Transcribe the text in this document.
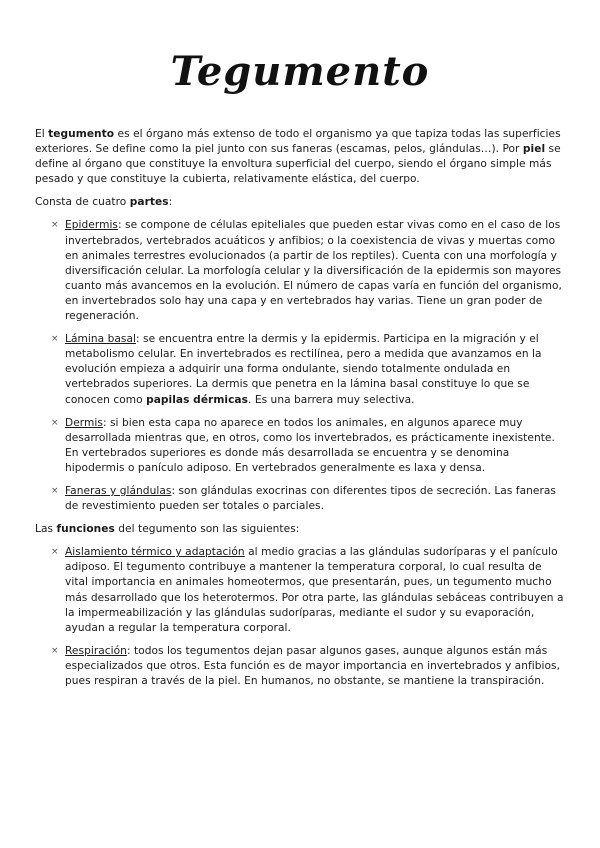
Tegumento

El tegumento es el órgano más extenso de todo el organismo ya que tapiza todas las superficies exteriores. Se define como la piel junto con sus faneras (escamas, pelos, glándulas…). Por piel se define al órgano que constituye la envoltura superficial del cuerpo, siendo el órgano simple más pesado y que constituye la cubierta, relativamente elástica, del cuerpo.

Consta de cuatro partes:

× Epidermis: se compone de células epiteliales que pueden estar vivas como en el caso de los invertebrados, vertebrados acuáticos y anfibios; o la coexistencia de vivas y muertas como en animales terrestres evolucionados (a partir de los reptiles). Cuenta con una morfología y diversificación celular. La morfología celular y la diversificación de la epidermis son mayores cuanto más avancemos en la evolución. El número de capas varía en función del organismo, en invertebrados solo hay una capa y en vertebrados hay varias. Tiene un gran poder de regeneración.
× Lámina basal: se encuentra entre la dermis y la epidermis. Participa en la migración y el metabolismo celular. En invertebrados es rectilínea, pero a medida que avanzamos en la evolución empieza a adquirir una forma ondulante, siendo totalmente ondulada en vertebrados superiores. La dermis que penetra en la lámina basal constituye lo que se conocen como papilas dérmicas. Es una barrera muy selectiva.
× Dermis: si bien esta capa no aparece en todos los animales, en algunos aparece muy desarrollada mientras que, en otros, como los invertebrados, es prácticamente inexistente. En vertebrados superiores es donde más desarrollada se encuentra y se denomina hipodermis o panículo adiposo. En vertebrados generalmente es laxa y densa.
× Faneras y glándulas: son glándulas exocrinas con diferentes tipos de secreción. Las faneras de revestimiento pueden ser totales o parciales.

Las funciones del tegumento son las siguientes:

× Aislamiento térmico y adaptación al medio gracias a las glándulas sudoríparas y el panículo adiposo. El tegumento contribuye a mantener la temperatura corporal, lo cual resulta de vital importancia en animales homeotermos, que presentarán, pues, un tegumento mucho más desarrollado que los heterotermos. Por otra parte, las glándulas sebáceas contribuyen a la impermeabilización y las glándulas sudoríparas, mediante el sudor y su evaporación, ayudan a regular la temperatura corporal.
× Respiración: todos los tegumentos dejan pasar algunos gases, aunque algunos están más especializados que otros. Esta función es de mayor importancia en invertebrados y anfibios, pues respiran a través de la piel. En humanos, no obstante, se mantiene la transpiración.
